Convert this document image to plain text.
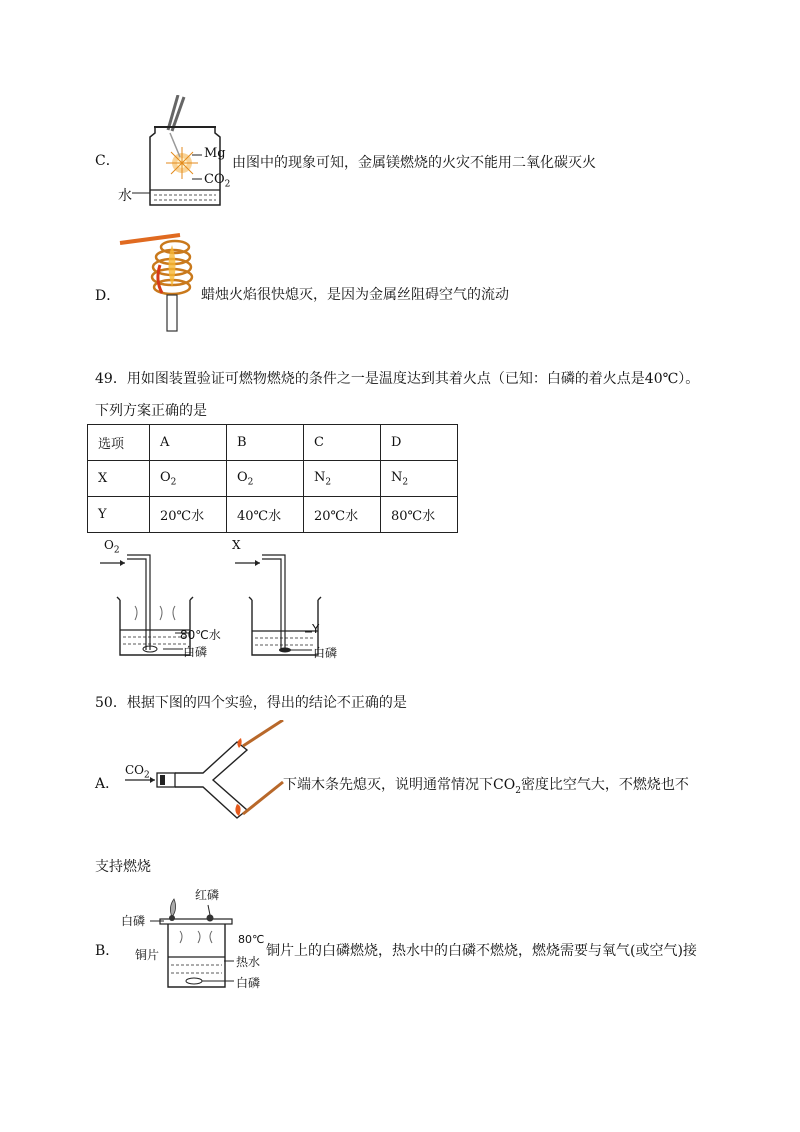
C．	Mg
$CO_2$
水
由图中的现象可知，金属镁燃烧的火灾不能用二氧化碳灭火
D．	蜡烛火焰很快熄灭，是因为金属丝阻碍空气的流动
49．用如图装置验证可燃物燃烧的条件之一是温度达到其着火点（已知：白磷的着火点是40℃）。
下列方案正确的是
选项	A	B	C	D
X	$O_2$	$O_2$	$N_2$	$N_2$
Y	20℃水	40℃水	20℃水	80℃水
$O_2$
80℃水
白磷
X
Y
白磷
50．根据下图的四个实验，得出的结论不正确的是
A．
$CO_2$
下端木条先熄灭，说明通常情况下$CO_2$密度比空气大，不燃烧也不
支持燃烧
B．
红磷
白磷
铜片
80℃
热水
白磷
铜片上的白磷燃烧，热水中的白磷不燃烧，燃烧需要与氧气(或空气)接
